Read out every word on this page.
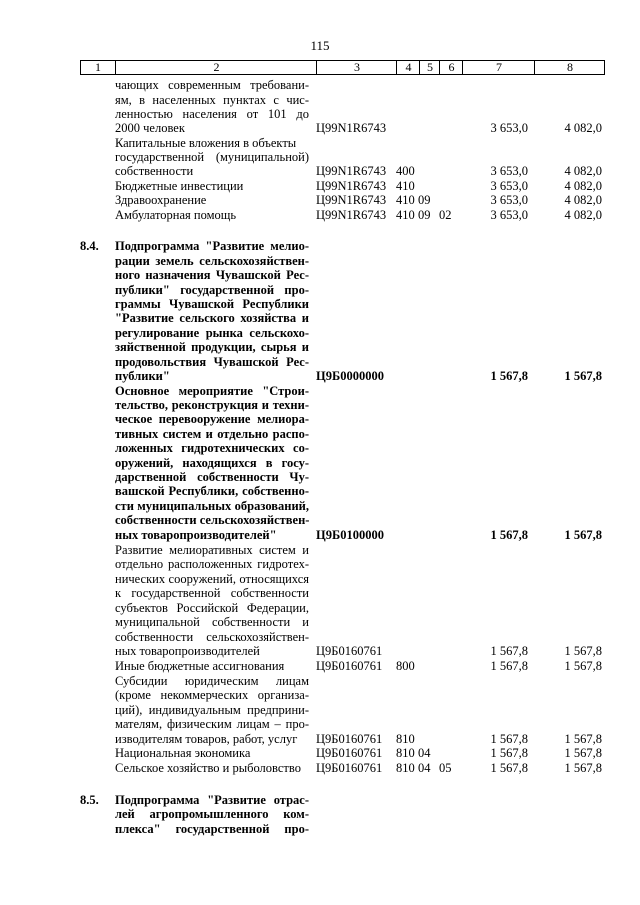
115
1	2	3	4	5	6	7	8
чающих современным требовани-
ям, в населенных пунктах с чис-
ленностью населения от 101 до
2000 человек	Ц99N1R6743	3 653,0	4 082,0
Капитальные вложения в объекты
государственной (муниципальной)
собственности	Ц99N1R6743 400	3 653,0	4 082,0
Бюджетные инвестиции	Ц99N1R6743 410	3 653,0	4 082,0
Здравоохранение	Ц99N1R6743 410 09	3 653,0	4 082,0
Амбулаторная помощь	Ц99N1R6743 410 09 02	3 653,0	4 082,0
8.4. Подпрограмма "Развитие мелио-
рации земель сельскохозяйствен-
ного назначения Чувашской Рес-
публики" государственной про-
граммы Чувашской Республики
"Развитие сельского хозяйства и
регулирование рынка сельскохо-
зяйственной продукции, сырья и
продовольствия Чувашской Рес-
публики"	Ц9Б0000000	1 567,8	1 567,8
Основное мероприятие "Строи-
тельство, реконструкция и техни-
ческое перевооружение мелиора-
тивных систем и отдельно распо-
ложенных гидротехнических со-
оружений, находящихся в госу-
дарственной собственности Чу-
вашской Республики, собственно-
сти муниципальных образований,
собственности сельскохозяйствен-
ных товаропроизводителей"	Ц9Б0100000	1 567,8	1 567,8
Развитие мелиоративных систем и
отдельно расположенных гидротех-
нических сооружений, относящихся
к государственной собственности
субъектов Российской Федерации,
муниципальной собственности и
собственности сельскохозяйствен-
ных товаропроизводителей	Ц9Б0160761	1 567,8	1 567,8
Иные бюджетные ассигнования	Ц9Б0160761 800	1 567,8	1 567,8
Субсидии юридическим лицам
(кроме некоммерческих организа-
ций), индивидуальным предприни-
мателям, физическим лицам – про-
изводителям товаров, работ, услуг	Ц9Б0160761 810	1 567,8	1 567,8
Национальная экономика	Ц9Б0160761 810 04	1 567,8	1 567,8
Сельское хозяйство и рыболовство	Ц9Б0160761 810 04 05	1 567,8	1 567,8
8.5. Подпрограмма "Развитие отрас-
лей агропромышленного ком-
плекса" государственной про-
